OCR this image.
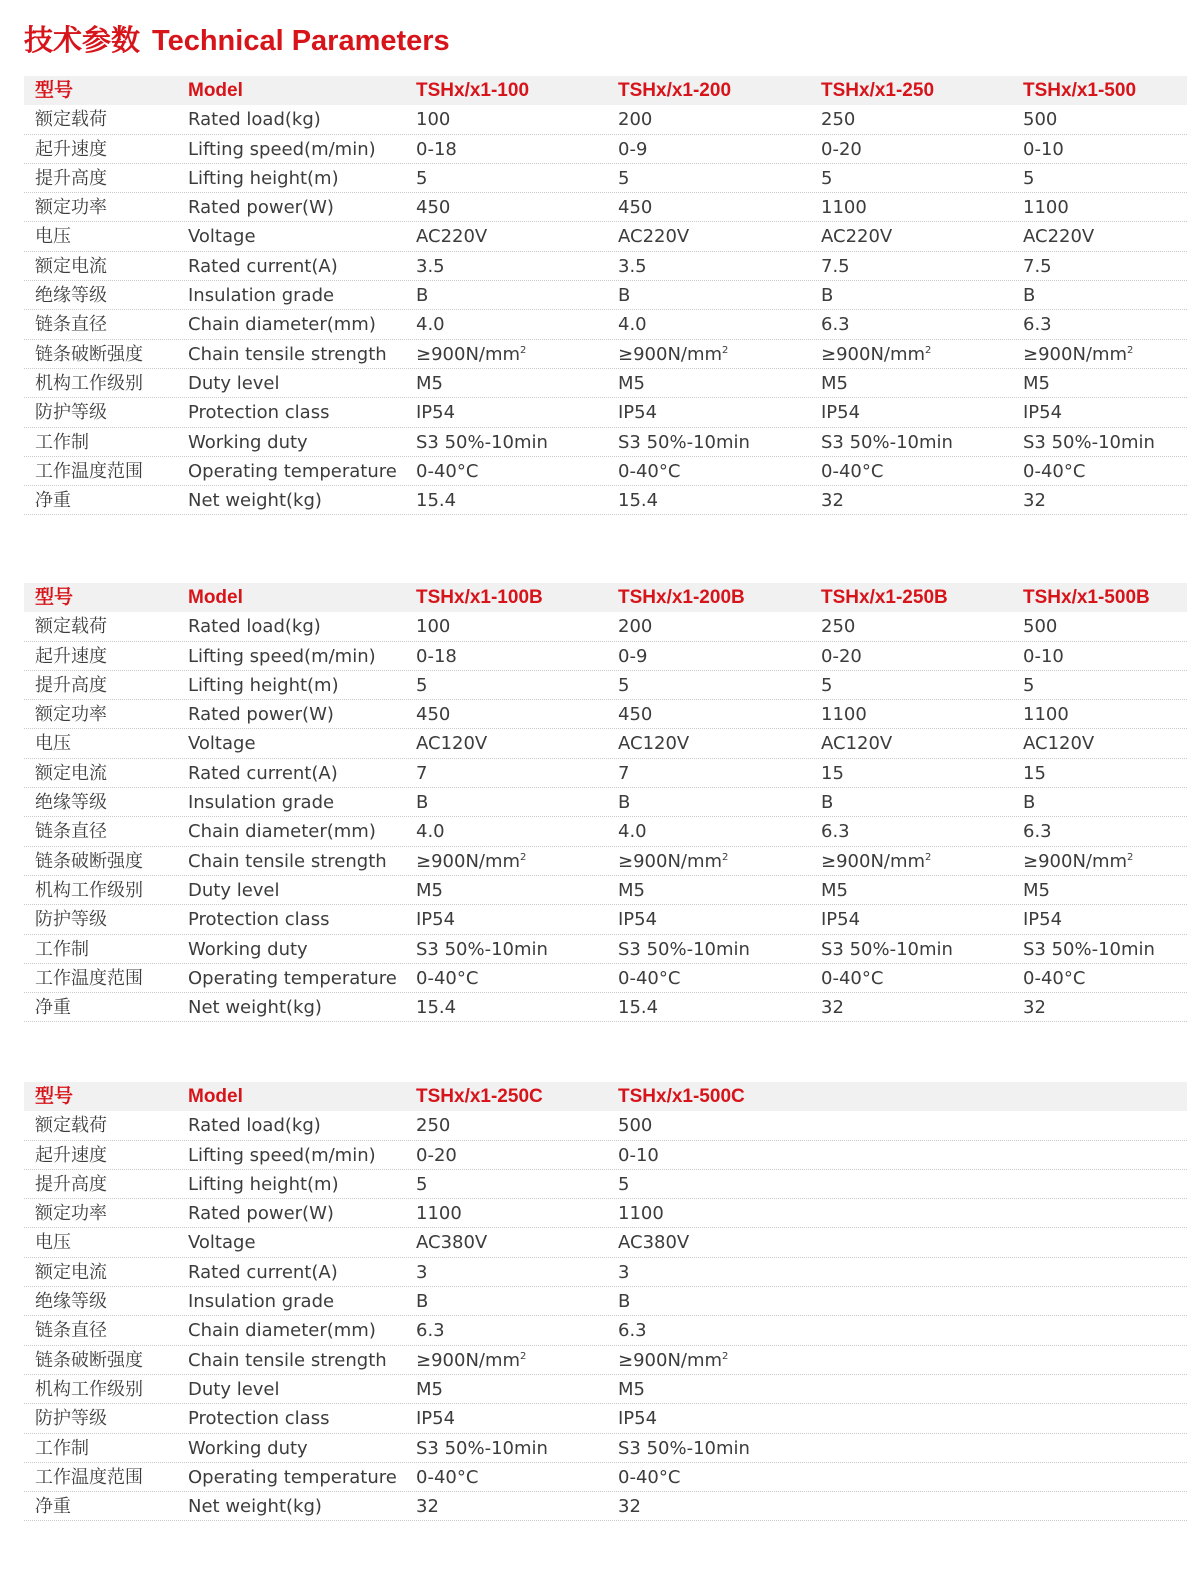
技术参数 Technical Parameters
型号	Model	TSHx/x1-100	TSHx/x1-200	TSHx/x1-250	TSHx/x1-500
额定载荷	Rated load(kg)	100	200	250	500
起升速度	Lifting speed(m/min) 0-18	0-9	0-20	0-10
提升高度	Lifting height(m)	5	5	5	5
额定功率	Rated power(W)	450	450	1100	1100
电压	Voltage	AC220V	AC220V	AC220V	AC220V
额定电流	Rated current(A)	3.5	3.5	7.5	7.5
绝缘等级	Insulation grade	B	B	B	B
链条直径	Chain diameter(mm) 4.0	4.0	6.3	6.3
链条破断强度	Chain tensile strength $\ge 900N/mm^2$	$\ge 900N/mm^2$	$\ge 900N/mm^2$	$\ge 900N/mm^2$
机构工作级别	Duty level	M5	M5	M5	M5
防护等级	Protection class	IP54	IP54	IP54	IP54
工作制	Working duty	S3 50%-10min	S3 50%-10min	S3 50%-10min	S3 50%-10min
工作温度范围	Operating temperature 0-40°C	0-40°C	0-40°C	0-40°C
净重	Net weight(kg)	15.4	15.4	32	32
型号	Model	TSHx/x1-100B	TSHx/x1-200B	TSHx/x1-250B	TSHx/x1-500B
额定载荷	Rated load(kg)	100	200	250	500
起升速度	Lifting speed(m/min) 0-18	0-9	0-20	0-10
提升高度	Lifting height(m)	5	5	5	5
额定功率	Rated power(W)	450	450	1100	1100
电压	Voltage	AC120V	AC120V	AC120V	AC120V
额定电流	Rated current(A)	7	7	15	15
绝缘等级	Insulation grade	B	B	B	B
链条直径	Chain diameter(mm) 4.0	4.0	6.3	6.3
链条破断强度	Chain tensile strength $\ge 900N/mm^2$	$\ge 900N/mm^2$	$\ge 900N/mm^2$	$\ge 900N/mm^2$
机构工作级别	Duty level	M5	M5	M5	M5
防护等级	Protection class	IP54	IP54	IP54	IP54
工作制	Working duty	S3 50%-10min	S3 50%-10min	S3 50%-10min	S3 50%-10min
工作温度范围	Operating temperature 0-40°C	0-40°C	0-40°C	0-40°C
净重	Net weight(kg)	15.4	15.4	32	32
型号	Model	TSHx/x1-250C	TSHx/x1-500C
额定载荷	Rated load(kg)	250	500
起升速度	Lifting speed(m/min) 0-20	0-10
提升高度	Lifting height(m)	5	5
额定功率	Rated power(W)	1100	1100
电压	Voltage	AC380V	AC380V
额定电流	Rated current(A)	3	3
绝缘等级	Insulation grade	B	B
链条直径	Chain diameter(mm) 6.3	6.3
链条破断强度	Chain tensile strength $\ge 900N/mm^2$	$\ge 900N/mm^2$
机构工作级别	Duty level	M5	M5
防护等级	Protection class	IP54	IP54
工作制	Working duty	S3 50%-10min	S3 50%-10min
工作温度范围	Operating temperature 0-40°C	0-40°C
净重	Net weight(kg)	32	32
